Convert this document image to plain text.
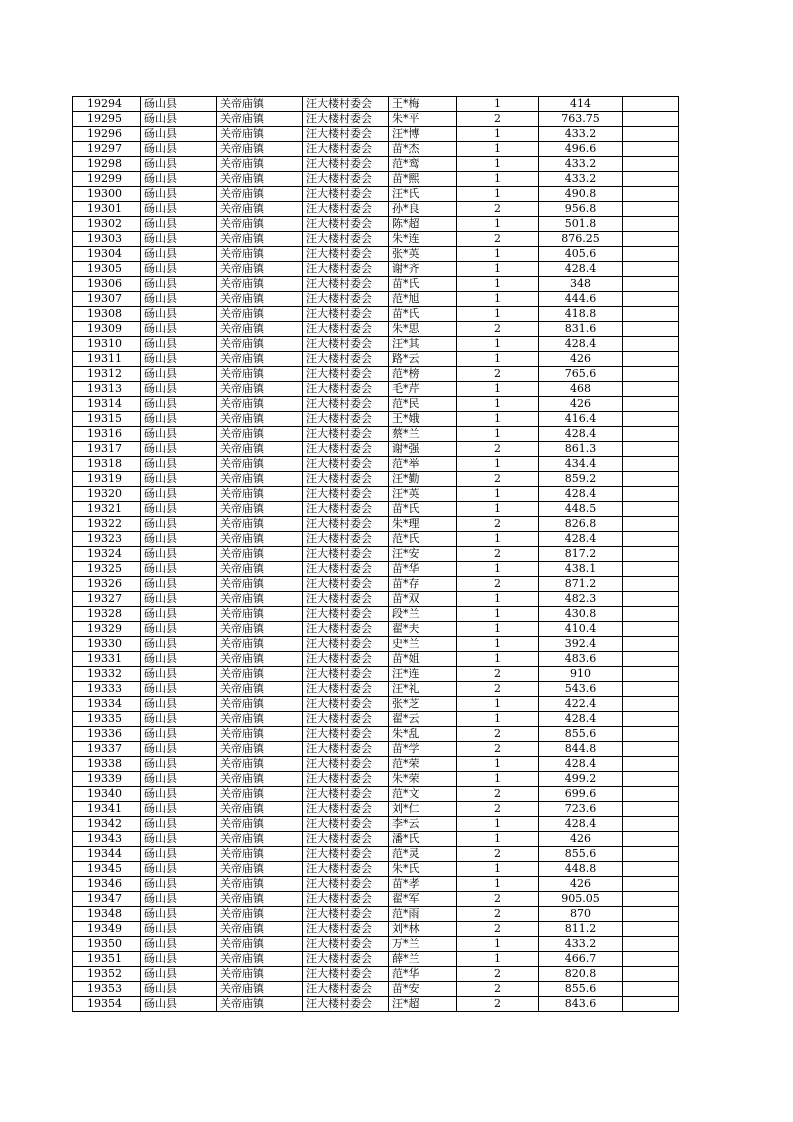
19294	砀山县	关帝庙镇	汪大楼村委会	王*梅	1	414	
19295	砀山县	关帝庙镇	汪大楼村委会	朱*平	2	763.75	
19296	砀山县	关帝庙镇	汪大楼村委会	汪*博	1	433.2	
19297	砀山县	关帝庙镇	汪大楼村委会	苗*杰	1	496.6	
19298	砀山县	关帝庙镇	汪大楼村委会	范*鸾	1	433.2	
19299	砀山县	关帝庙镇	汪大楼村委会	苗*熙	1	433.2	
19300	砀山县	关帝庙镇	汪大楼村委会	汪*氏	1	490.8	
19301	砀山县	关帝庙镇	汪大楼村委会	孙*良	2	956.8	
19302	砀山县	关帝庙镇	汪大楼村委会	陈*超	1	501.8	
19303	砀山县	关帝庙镇	汪大楼村委会	朱*连	2	876.25	
19304	砀山县	关帝庙镇	汪大楼村委会	张*英	1	405.6	
19305	砀山县	关帝庙镇	汪大楼村委会	谢*齐	1	428.4	
19306	砀山县	关帝庙镇	汪大楼村委会	苗*氏	1	348	
19307	砀山县	关帝庙镇	汪大楼村委会	范*旭	1	444.6	
19308	砀山县	关帝庙镇	汪大楼村委会	苗*氏	1	418.8	
19309	砀山县	关帝庙镇	汪大楼村委会	朱*思	2	831.6	
19310	砀山县	关帝庙镇	汪大楼村委会	汪*其	1	428.4	
19311	砀山县	关帝庙镇	汪大楼村委会	路*云	1	426	
19312	砀山县	关帝庙镇	汪大楼村委会	范*榜	2	765.6	
19313	砀山县	关帝庙镇	汪大楼村委会	毛*芹	1	468	
19314	砀山县	关帝庙镇	汪大楼村委会	范*民	1	426	
19315	砀山县	关帝庙镇	汪大楼村委会	王*娥	1	416.4	
19316	砀山县	关帝庙镇	汪大楼村委会	蔡*兰	1	428.4	
19317	砀山县	关帝庙镇	汪大楼村委会	谢*强	2	861.3	
19318	砀山县	关帝庙镇	汪大楼村委会	范*举	1	434.4	
19319	砀山县	关帝庙镇	汪大楼村委会	汪*勤	2	859.2	
19320	砀山县	关帝庙镇	汪大楼村委会	汪*英	1	428.4	
19321	砀山县	关帝庙镇	汪大楼村委会	苗*氏	1	448.5	
19322	砀山县	关帝庙镇	汪大楼村委会	朱*理	2	826.8	
19323	砀山县	关帝庙镇	汪大楼村委会	范*氏	1	428.4	
19324	砀山县	关帝庙镇	汪大楼村委会	汪*安	2	817.2	
19325	砀山县	关帝庙镇	汪大楼村委会	苗*华	1	438.1	
19326	砀山县	关帝庙镇	汪大楼村委会	苗*存	2	871.2	
19327	砀山县	关帝庙镇	汪大楼村委会	苗*双	1	482.3	
19328	砀山县	关帝庙镇	汪大楼村委会	段*兰	1	430.8	
19329	砀山县	关帝庙镇	汪大楼村委会	翟*夫	1	410.4	
19330	砀山县	关帝庙镇	汪大楼村委会	史*兰	1	392.4	
19331	砀山县	关帝庙镇	汪大楼村委会	苗*姐	1	483.6	
19332	砀山县	关帝庙镇	汪大楼村委会	汪*连	2	910	
19333	砀山县	关帝庙镇	汪大楼村委会	汪*礼	2	543.6	
19334	砀山县	关帝庙镇	汪大楼村委会	张*芝	1	422.4	
19335	砀山县	关帝庙镇	汪大楼村委会	翟*云	1	428.4	
19336	砀山县	关帝庙镇	汪大楼村委会	朱*乱	2	855.6	
19337	砀山县	关帝庙镇	汪大楼村委会	苗*学	2	844.8	
19338	砀山县	关帝庙镇	汪大楼村委会	范*荣	1	428.4	
19339	砀山县	关帝庙镇	汪大楼村委会	朱*荣	1	499.2	
19340	砀山县	关帝庙镇	汪大楼村委会	范*文	2	699.6	
19341	砀山县	关帝庙镇	汪大楼村委会	刘*仁	2	723.6	
19342	砀山县	关帝庙镇	汪大楼村委会	李*云	1	428.4	
19343	砀山县	关帝庙镇	汪大楼村委会	潘*氏	1	426	
19344	砀山县	关帝庙镇	汪大楼村委会	范*灵	2	855.6	
19345	砀山县	关帝庙镇	汪大楼村委会	朱*氏	1	448.8	
19346	砀山县	关帝庙镇	汪大楼村委会	苗*孝	1	426	
19347	砀山县	关帝庙镇	汪大楼村委会	翟*军	2	905.05	
19348	砀山县	关帝庙镇	汪大楼村委会	范*雨	2	870	
19349	砀山县	关帝庙镇	汪大楼村委会	刘*林	2	811.2	
19350	砀山县	关帝庙镇	汪大楼村委会	万*兰	1	433.2	
19351	砀山县	关帝庙镇	汪大楼村委会	薛*兰	1	466.7	
19352	砀山县	关帝庙镇	汪大楼村委会	范*华	2	820.8	
19353	砀山县	关帝庙镇	汪大楼村委会	苗*安	2	855.6	
19354	砀山县	关帝庙镇	汪大楼村委会	汪*超	2	843.6	
